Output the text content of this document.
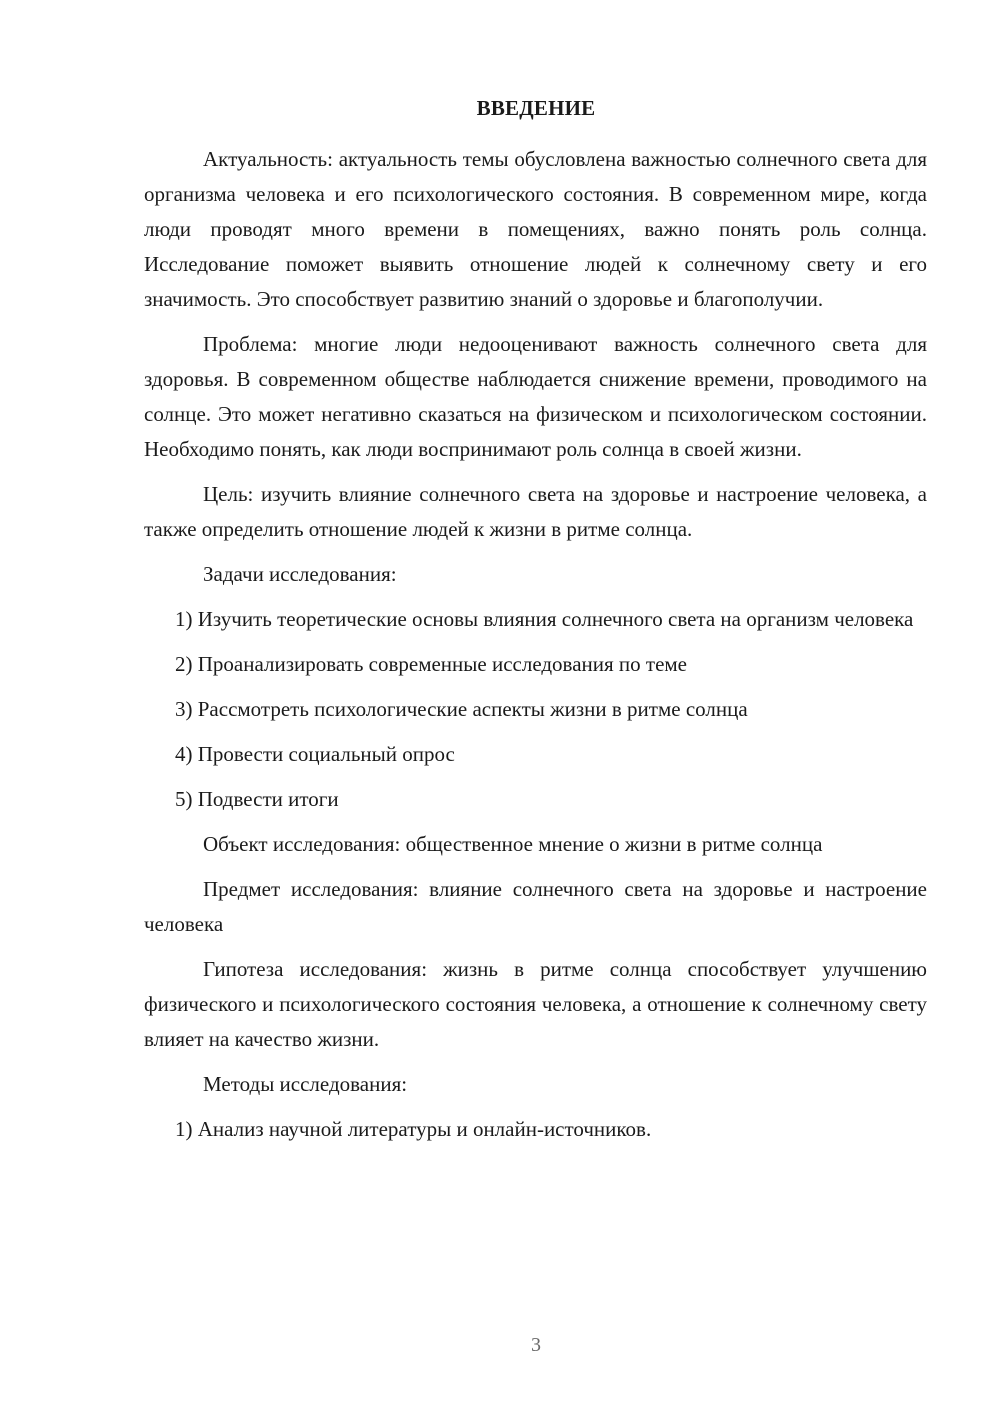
ВВЕДЕНИЕ

Актуальность: актуальность темы обусловлена важностью солнечного света для организма человека и его психологического состояния. В современном мире, когда люди проводят много времени в помещениях, важно понять роль солнца. Исследование поможет выявить отношение людей к солнечному свету и его значимость. Это способствует развитию знаний о здоровье и благополучии.

Проблема: многие люди недооценивают важность солнечного света для здоровья. В современном обществе наблюдается снижение времени, проводимого на солнце. Это может негативно сказаться на физическом и психологическом состоянии. Необходимо понять, как люди воспринимают роль солнца в своей жизни.

Цель: изучить влияние солнечного света на здоровье и настроение человека, а также определить отношение людей к жизни в ритме солнца.

Задачи исследования:

1) Изучить теоретические основы влияния солнечного света на организм человека

2) Проанализировать современные исследования по теме

3) Рассмотреть психологические аспекты жизни в ритме солнца

4) Провести социальный опрос

5) Подвести итоги

Объект исследования: общественное мнение о жизни в ритме солнца

Предмет исследования: влияние солнечного света на здоровье и настроение человека

Гипотеза исследования: жизнь в ритме солнца способствует улучшению физического и психологического состояния человека, а отношение к солнечному свету влияет на качество жизни.

Методы исследования:

1) Анализ научной литературы и онлайн-источников.

3
